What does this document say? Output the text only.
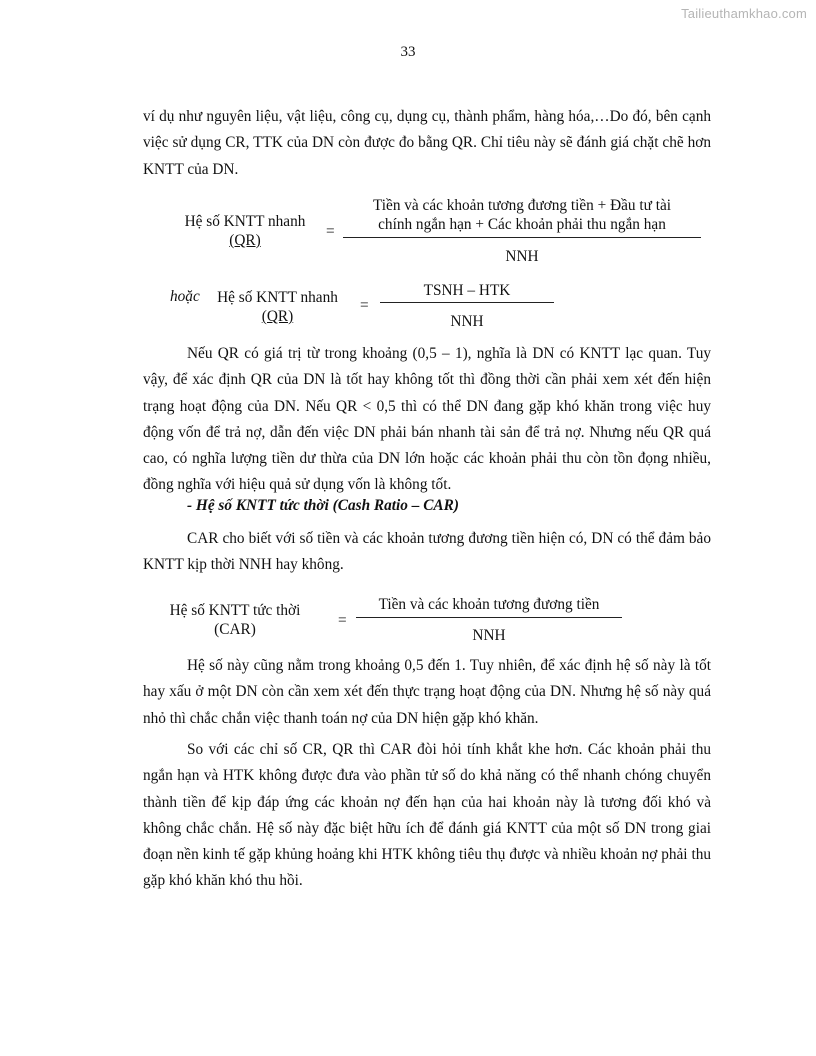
Tailieuthamkhao.com
33

ví dụ như nguyên liệu, vật liệu, công cụ, dụng cụ, thành phẩm, hàng hóa,…Do đó, bên cạnh việc sử dụng CR, TTK của DN còn được đo bằng QR. Chỉ tiêu này sẽ đánh giá chặt chẽ hơn KNTT của DN.

Hệ số KNTT nhanh
(QR)
=
Tiền và các khoản tương đương tiền + Đầu tư tài
chính ngắn hạn + Các khoản phải thu ngắn hạn
NNH
hoặc	Hệ số KNTT nhanh
(QR)
=
TSNH – HTK
NNH

Nếu QR có giá trị từ trong khoảng (0,5 – 1), nghĩa là DN có KNTT lạc quan. Tuy vậy, để xác định QR của DN là tốt hay không tốt thì đồng thời cần phải xem xét đến hiện trạng hoạt động của DN. Nếu QR < 0,5 thì có thể DN đang gặp khó khăn trong việc huy động vốn để trả nợ, dẫn đến việc DN phải bán nhanh tài sản để trả nợ. Nhưng nếu QR quá cao, có nghĩa lượng tiền dư thừa của DN lớn hoặc các khoản phải thu còn tồn đọng nhiều, đồng nghĩa với hiệu quả sử dụng vốn là không tốt.

- Hệ số KNTT tức thời (Cash Ratio – CAR)

CAR cho biết với số tiền và các khoản tương đương tiền hiện có, DN có thể đảm bảo KNTT kịp thời NNH hay không.

Hệ số KNTT tức thời
(CAR)
=
Tiền và các khoản tương đương tiền
NNH

Hệ số này cũng nằm trong khoảng 0,5 đến 1. Tuy nhiên, để xác định hệ số này là tốt hay xấu ở một DN còn cần xem xét đến thực trạng hoạt động của DN. Nhưng hệ số này quá nhỏ thì chắc chắn việc thanh toán nợ của DN hiện gặp khó khăn.

So với các chỉ số CR, QR thì CAR đòi hỏi tính khắt khe hơn. Các khoản phải thu ngắn hạn và HTK không được đưa vào phần tử số do khả năng có thể nhanh chóng chuyển thành tiền để kịp đáp ứng các khoản nợ đến hạn của hai khoản này là tương đối khó và không chắc chắn. Hệ số này đặc biệt hữu ích để đánh giá KNTT của một số DN trong giai đoạn nền kinh tế gặp khủng hoảng khi HTK không tiêu thụ được và nhiều khoản nợ phải thu gặp khó khăn khó thu hồi.
